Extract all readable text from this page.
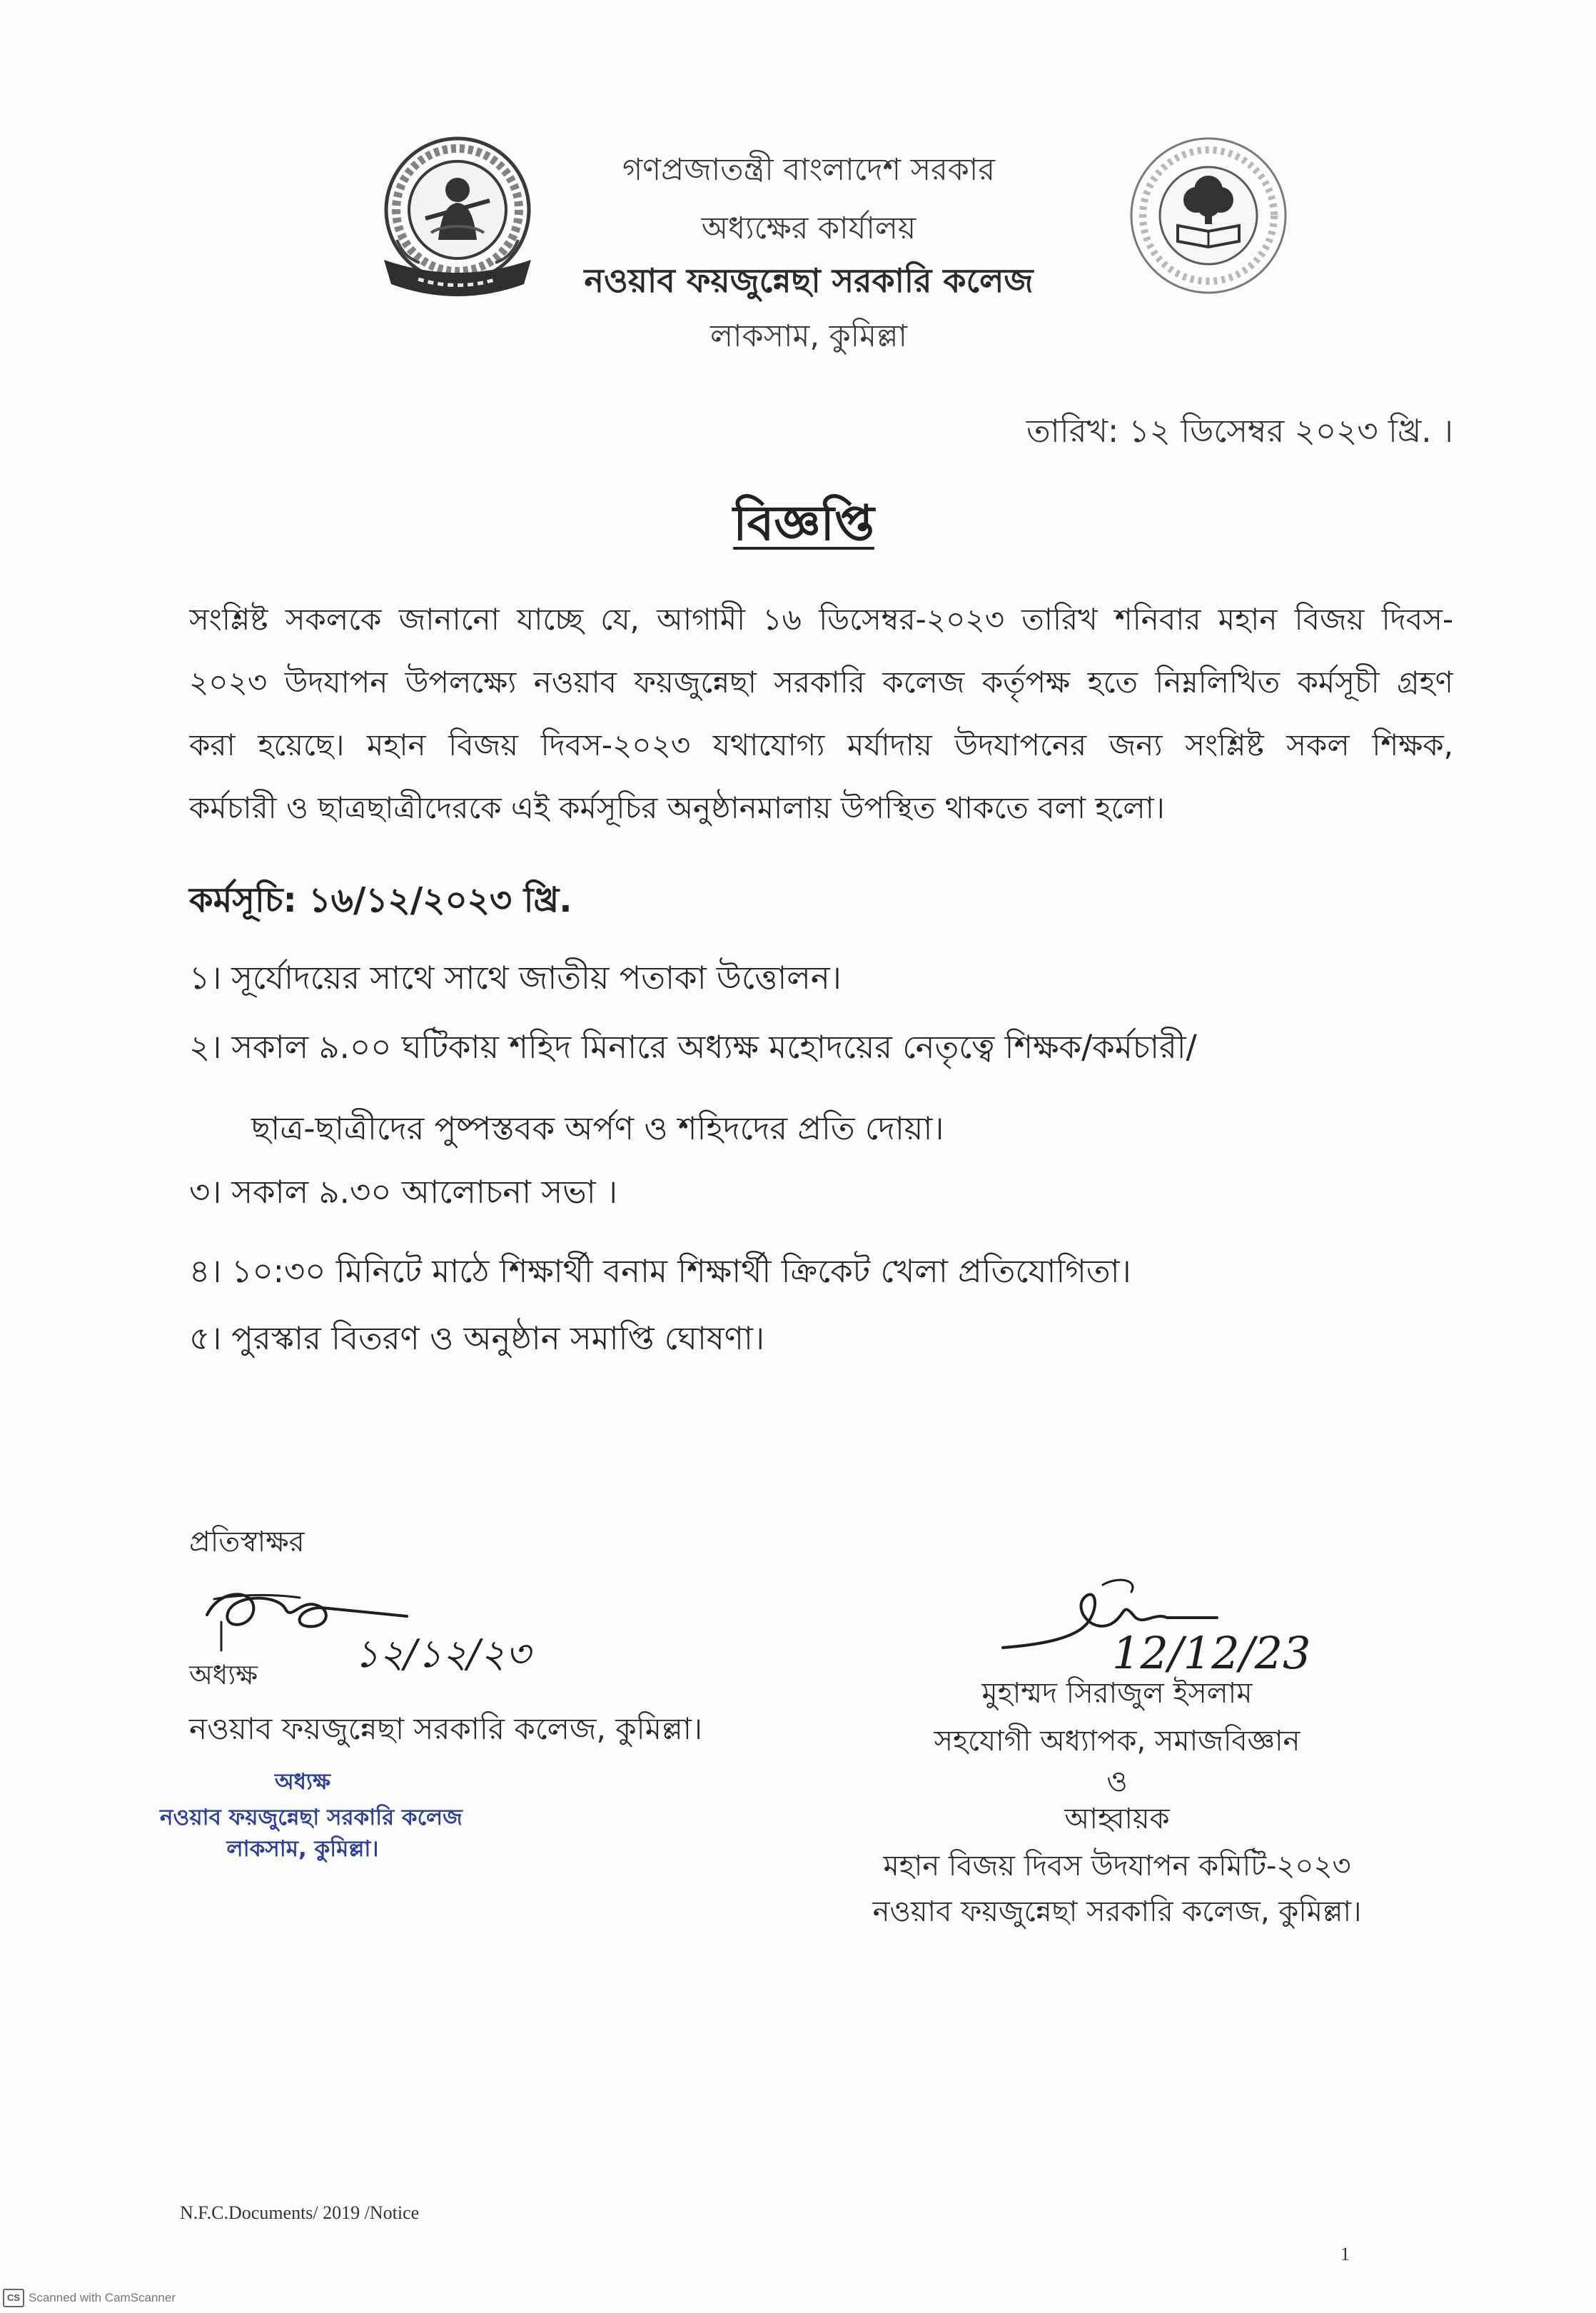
গণপ্রজাতন্ত্রী বাংলাদেশ সরকার
অধ্যক্ষের কার্যালয়
নওয়াব ফয়জুন্নেছা সরকারি কলেজ
লাকসাম, কুমিল্লা
তারিখ: ১২ ডিসেম্বর ২০২৩ খ্রি. ।
বিজ্ঞপ্তি
সংশ্লিষ্ট সকলকে জানানো যাচ্ছে যে, আগামী ১৬ ডিসেম্বর-২০২৩ তারিখ শনিবার মহান বিজয় দিবস-
২০২৩ উদযাপন উপলক্ষ্যে নওয়াব ফয়জুন্নেছা সরকারি কলেজ কর্তৃপক্ষ হতে নিম্নলিখিত কর্মসূচী গ্রহণ
করা হয়েছে। মহান বিজয় দিবস-২০২৩ যথাযোগ্য মর্যাদায় উদযাপনের জন্য সংশ্লিষ্ট সকল শিক্ষক,
কর্মচারী ও ছাত্রছাত্রীদেরকে এই কর্মসূচির অনুষ্ঠানমালায় উপস্থিত থাকতে বলা হলো।
কর্মসূচি: ১৬/১২/২০২৩ খ্রি.
১। সূর্যোদয়ের সাথে সাথে জাতীয় পতাকা উত্তোলন।
২। সকাল ৯.০০ ঘটিকায় শহিদ মিনারে অধ্যক্ষ মহোদয়ের নেতৃত্বে শিক্ষক/কর্মচারী/
ছাত্র-ছাত্রীদের পুষ্পস্তবক অর্পণ ও শহিদদের প্রতি দোয়া।
৩। সকাল ৯.৩০ আলোচনা সভা ।
৪। ১০:৩০ মিনিটে মাঠে শিক্ষার্থী বনাম শিক্ষার্থী ক্রিকেট খেলা প্রতিযোগিতা।
৫। পুরস্কার বিতরণ ও অনুষ্ঠান সমাপ্তি ঘোষণা।
প্রতিস্বাক্ষর
১২/১২/২৩
অধ্যক্ষ
নওয়াব ফয়জুন্নেছা সরকারি কলেজ, কুমিল্লা।
অধ্যক্ষ
নওয়াব ফয়জুন্নেছা সরকারি কলেজ
লাকসাম, কুমিল্লা।
12/12/23
মুহাম্মদ সিরাজুল ইসলাম
সহযোগী অধ্যাপক, সমাজবিজ্ঞান
ও
আহ্বায়ক
মহান বিজয় দিবস উদযাপন কমিটি-২০২৩
নওয়াব ফয়জুন্নেছা সরকারি কলেজ, কুমিল্লা।
N.F.C.Documents/ 2019 /Notice
1
CS Scanned with CamScanner
